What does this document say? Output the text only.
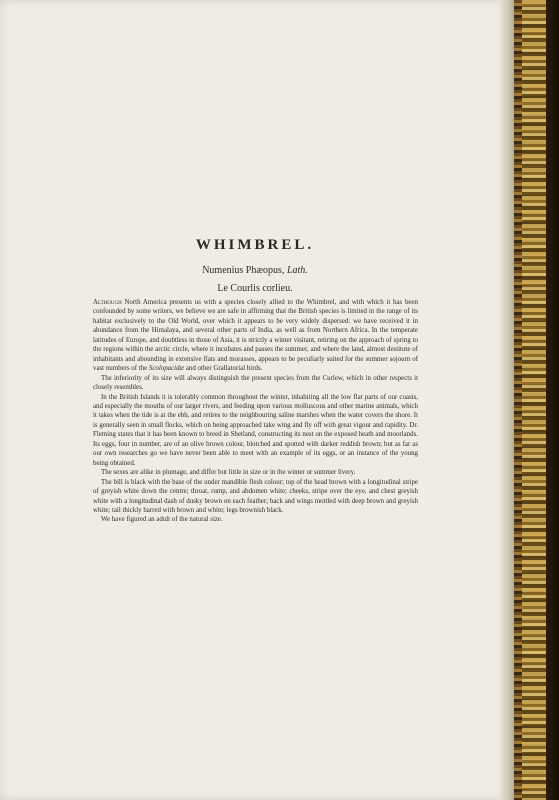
WHIMBREL.
Numenius Phæopus, Lath.
Le Courlis corlieu.

Although North America presents us with a species closely allied to the Whimbrel, and with which it has been confounded by some writers, we believe we are safe in affirming that the British species is limited in the range of its habitat exclusively to the Old World, over which it appears to be very widely dispersed: we have received it in abundance from the Himalaya, and several other parts of India, as well as from Northern Africa. In the temperate latitudes of Europe, and doubtless in those of Asia, it is strictly a winter visitant, retiring on the approach of spring to the regions within the arctic circle, where it incubates and passes the summer, and where the land, almost destitute of inhabitants and abounding in extensive flats and morasses, appears to be peculiarly suited for the summer sojourn of vast numbers of the Scolopacidæ and other Grallatorial birds.

The inferiority of its size will always distinguish the present species from the Curlew, which in other respects it closely resembles.

In the British Islands it is tolerably common throughout the winter, inhabiting all the low flat parts of our coasts, and especially the mouths of our larger rivers, and feeding upon various molluscous and other marine animals, which it takes when the tide is at the ebb, and retires to the neighbouring saline marshes when the water covers the shore. It is generally seen in small flocks, which on being approached take wing and fly off with great vigour and rapidity. Dr. Fleming states that it has been known to breed in Shetland, constructing its nest on the exposed heath and moorlands. Its eggs, four in number, are of an olive brown colour, blotched and spotted with darker reddish brown; but as far as our own researches go we have never been able to meet with an example of its eggs, or an instance of the young being obtained.

The sexes are alike in plumage, and differ but little in size or in the winter or summer livery.

The bill is black with the base of the under mandible flesh colour; top of the head brown with a longitudinal stripe of greyish white down the centre; throat, rump, and abdomen white; cheeks, stripe over the eye, and chest greyish white with a longitudinal dash of dusky brown on each feather; back and wings mottled with deep brown and greyish white; tail thickly barred with brown and white; legs brownish black.

We have figured an adult of the natural size.
